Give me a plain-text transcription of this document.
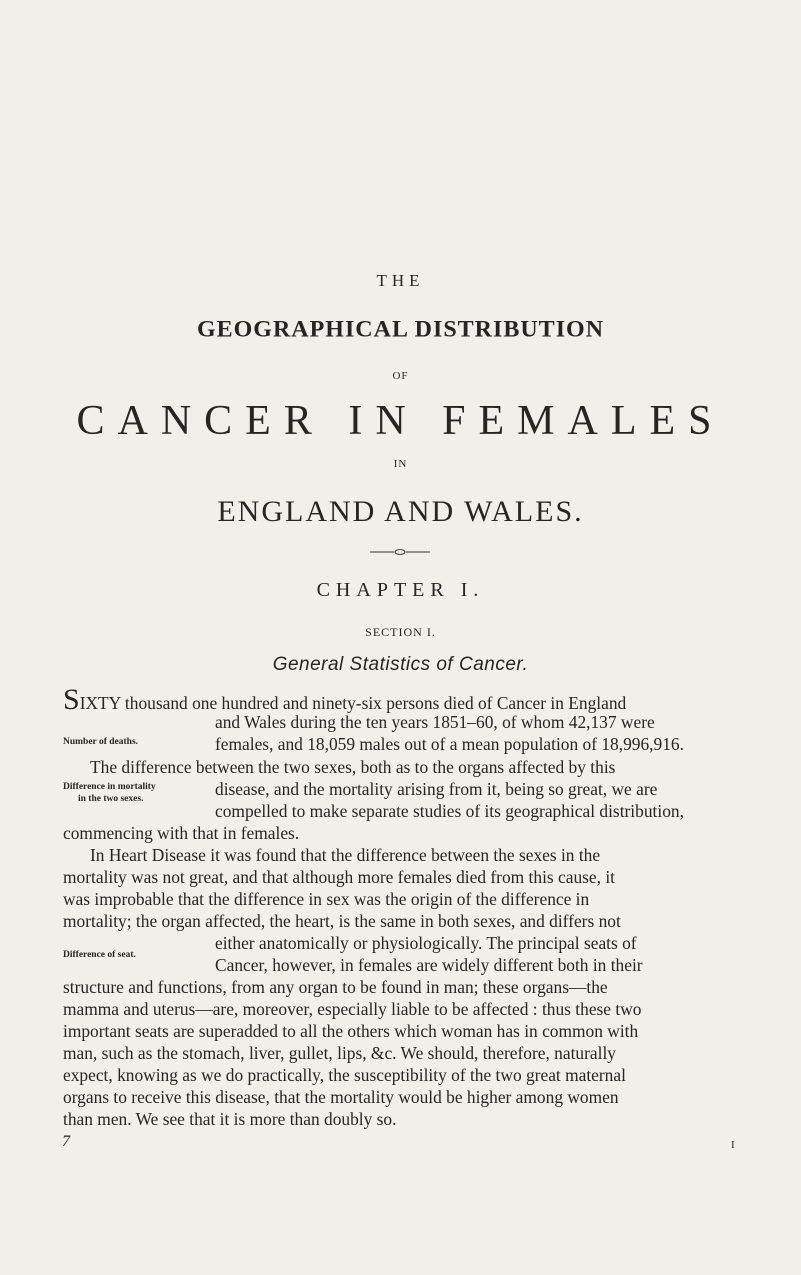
THE
GEOGRAPHICAL DISTRIBUTION
OF
CANCER IN FEMALES
IN
ENGLAND AND WALES.
CHAPTER I.
SECTION I.
General Statistics of Cancer.
SIXTY thousand one hundred and ninety-six persons died of Cancer in England
and Wales during the ten years 1851–60, of whom 42,137 were
females, and 18,059 males out of a mean population of 18,996,916.
The difference between the two sexes, both as to the organs affected by this
disease, and the mortality arising from it, being so great, we are
compelled to make separate studies of its geographical distribution,
commencing with that in females.
In Heart Disease it was found that the difference between the sexes in the
mortality was not great, and that although more females died from this cause, it
was improbable that the difference in sex was the origin of the difference in
mortality; the organ affected, the heart, is the same in both sexes, and differs not
either anatomically or physiologically. The principal seats of
Cancer, however, in females are widely different both in their
structure and functions, from any organ to be found in man; these organs—the
mamma and uterus—are, moreover, especially liable to be affected : thus these two
important seats are superadded to all the others which woman has in common with
man, such as the stomach, liver, gullet, lips, &c. We should, therefore, naturally
expect, knowing as we do practically, the susceptibility of the two great maternal
organs to receive this disease, that the mortality would be higher among women
than men. We see that it is more than doubly so.
Number of deaths.
Difference in mortality
in the two sexes.
Difference of seat.
7	I
